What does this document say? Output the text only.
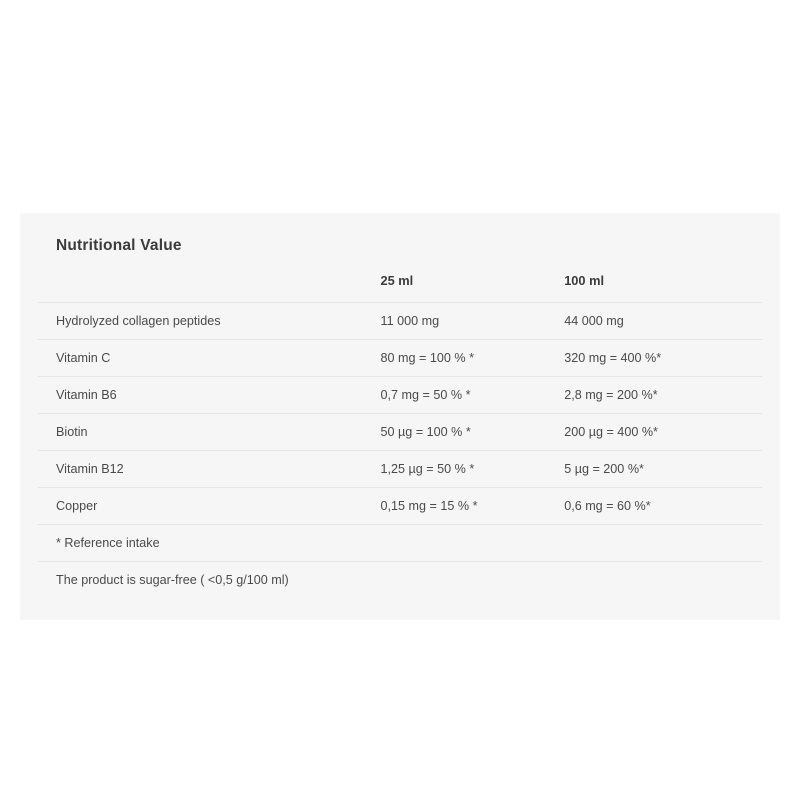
Nutritional Value
	25 ml	100 ml
Hydrolyzed collagen peptides	11 000 mg	44 000 mg
Vitamin C	80 mg = 100 % *	320 mg = 400 %*
Vitamin B6	0,7 mg = 50 % *	2,8 mg = 200 %*
Biotin	50 µg = 100 % *	200 µg = 400 %*
Vitamin B12	1,25 µg = 50 % *	5 µg = 200 %*
Copper	0,15 mg = 15 % *	0,6 mg = 60 %*
* Reference intake		
The product is sugar-free ( <0,5 g/100 ml)		
